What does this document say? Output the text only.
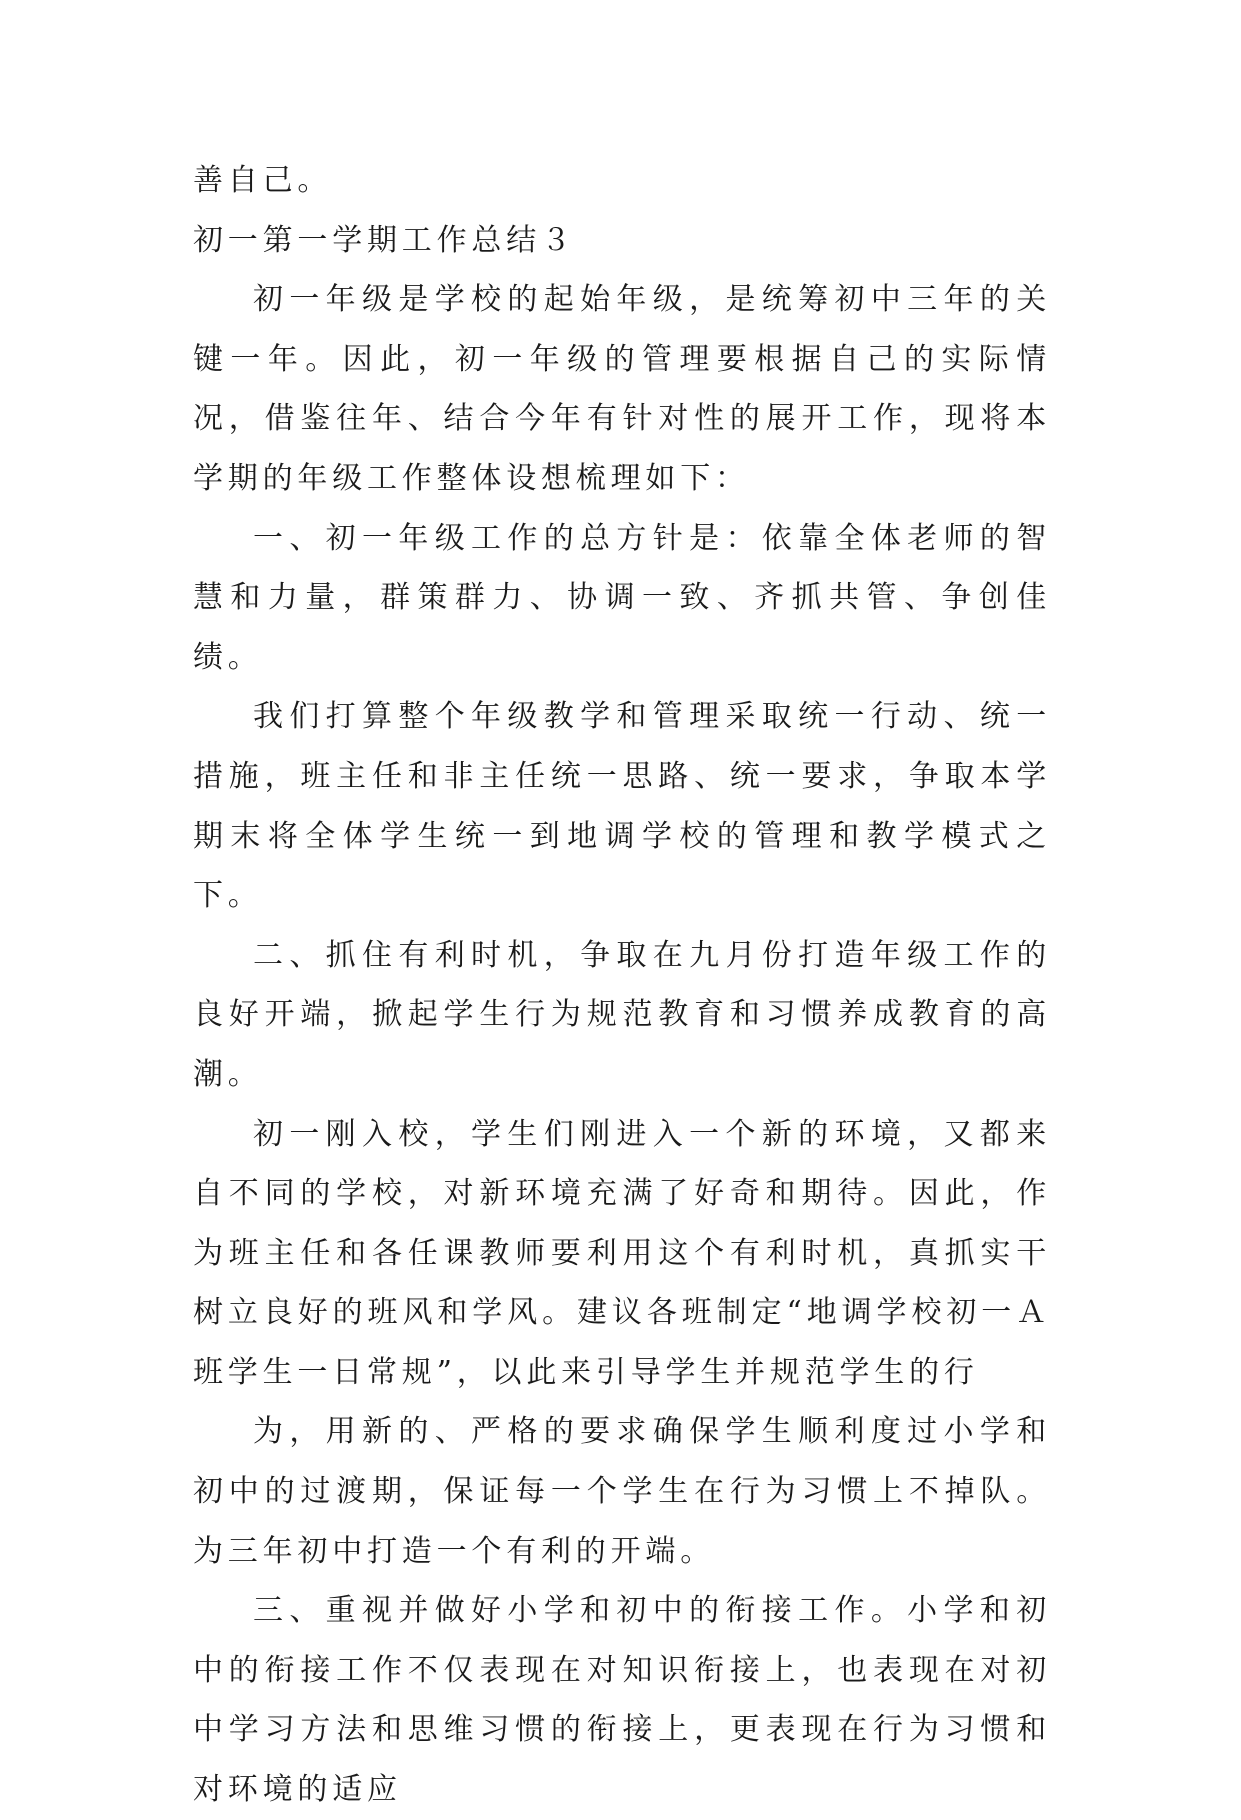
善自己。

初一第一学期工作总结３

初一年级是学校的起始年级，是统筹初中三年的关键一年。因此，初一年级的管理要根据自己的实际情况，借鉴往年、结合今年有针对性的展开工作，现将本学期的年级工作整体设想梳理如下：

一、初一年级工作的总方针是：依靠全体老师的智慧和力量，群策群力、协调一致、齐抓共管、争创佳绩。

我们打算整个年级教学和管理采取统一行动、统一措施，班主任和非主任统一思路、统一要求，争取本学期末将全体学生统一到地调学校的管理和教学模式之下。

二、抓住有利时机，争取在九月份打造年级工作的良好开端，掀起学生行为规范教育和习惯养成教育的高潮。

初一刚入校，学生们刚进入一个新的环境，又都来自不同的学校，对新环境充满了好奇和期待。因此，作为班主任和各任课教师要利用这个有利时机，真抓实干树立良好的班风和学风。建议各班制定“地调学校初一Ａ班学生一日常规”，以此来引导学生并规范学生的行

为，用新的、严格的要求确保学生顺利度过小学和初中的过渡期，保证每一个学生在行为习惯上不掉队。为三年初中打造一个有利的开端。

三、重视并做好小学和初中的衔接工作。小学和初中的衔接工作不仅表现在对知识衔接上，也表现在对初中学习方法和思维习惯的衔接上，更表现在行为习惯和对环境的适应
